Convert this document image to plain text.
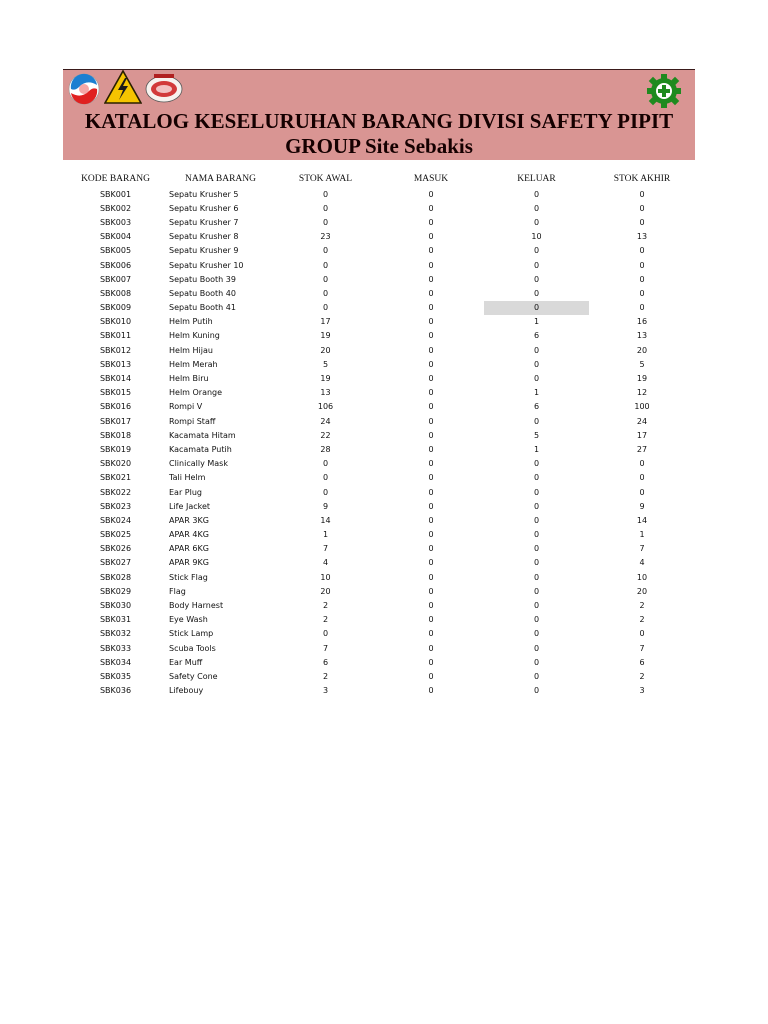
KATALOG KESELURUHAN BARANG DIVISI SAFETY PIPIT
GROUP Site Sebakis
KODE BARANG	NAMA BARANG	STOK AWAL	MASUK	KELUAR	STOK AKHIR
SBK001	Sepatu Krusher 5	0	0	0	0
SBK002	Sepatu Krusher 6	0	0	0	0
SBK003	Sepatu Krusher 7	0	0	0	0
SBK004	Sepatu Krusher 8	23	0	10	13
SBK005	Sepatu Krusher 9	0	0	0	0
SBK006	Sepatu Krusher 10	0	0	0	0
SBK007	Sepatu Booth 39	0	0	0	0
SBK008	Sepatu Booth 40	0	0	0	0
SBK009	Sepatu Booth 41	0	0	0	0
SBK010	Helm Putih	17	0	1	16
SBK011	Helm Kuning	19	0	6	13
SBK012	Helm Hijau	20	0	0	20
SBK013	Helm Merah	5	0	0	5
SBK014	Helm Biru	19	0	0	19
SBK015	Helm Orange	13	0	1	12
SBK016	Rompi V	106	0	6	100
SBK017	Rompi Staff	24	0	0	24
SBK018	Kacamata Hitam	22	0	5	17
SBK019	Kacamata Putih	28	0	1	27
SBK020	Clinically Mask	0	0	0	0
SBK021	Tali Helm	0	0	0	0
SBK022	Ear Plug	0	0	0	0
SBK023	Life Jacket	9	0	0	9
SBK024	APAR 3KG	14	0	0	14
SBK025	APAR 4KG	1	0	0	1
SBK026	APAR 6KG	7	0	0	7
SBK027	APAR 9KG	4	0	0	4
SBK028	Stick Flag	10	0	0	10
SBK029	Flag	20	0	0	20
SBK030	Body Harnest	2	0	0	2
SBK031	Eye Wash	2	0	0	2
SBK032	Stick Lamp	0	0	0	0
SBK033	Scuba Tools	7	0	0	7
SBK034	Ear Muff	6	0	0	6
SBK035	Safety Cone	2	0	0	2
SBK036	Lifebouy	3	0	0	3
